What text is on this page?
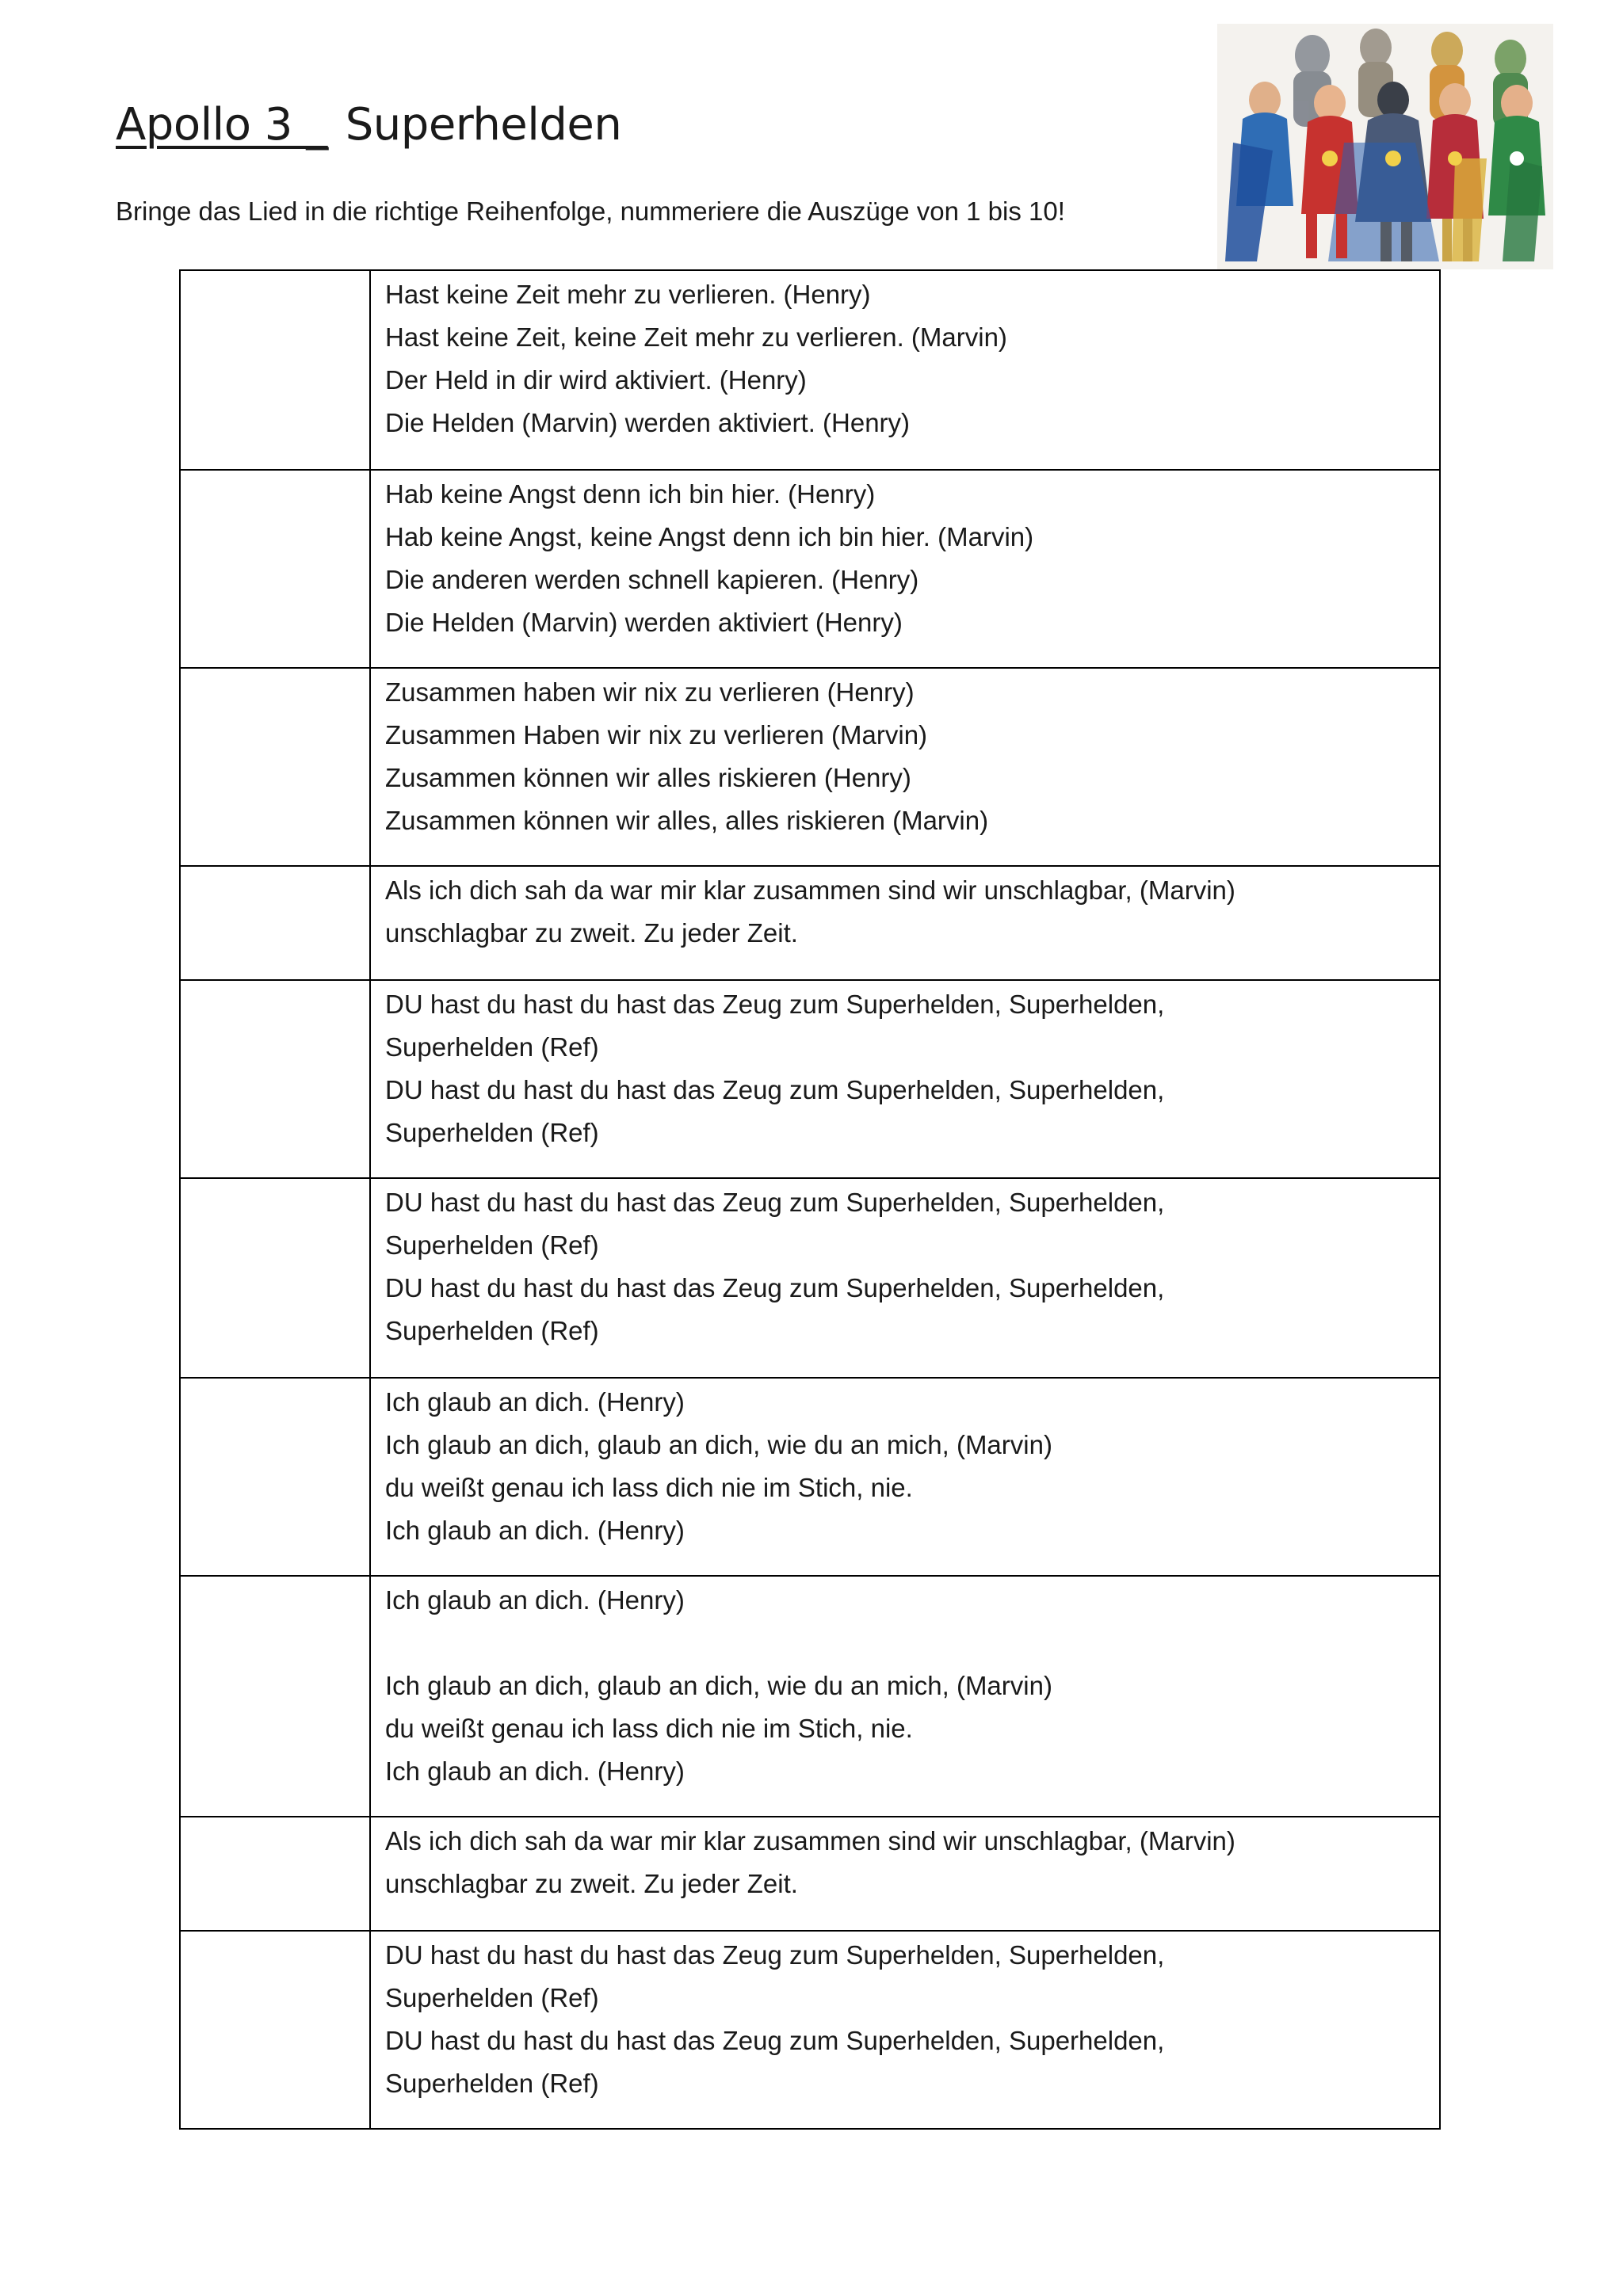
Apollo 3 _ Superhelden

Bringe das Lied in die richtige Reihenfolge, nummeriere die Auszüge von 1 bis 10!

	Hast keine Zeit mehr zu verlieren. (Henry)
Hast keine Zeit, keine Zeit mehr zu verlieren. (Marvin)
Der Held in dir wird aktiviert. (Henry)
Die Helden (Marvin) werden aktiviert. (Henry)

	Hab keine Angst denn ich bin hier. (Henry)
Hab keine Angst, keine Angst denn ich bin hier. (Marvin)
Die anderen werden schnell kapieren. (Henry)
Die Helden (Marvin) werden aktiviert (Henry)

	Zusammen haben wir nix zu verlieren (Henry)
Zusammen Haben wir nix zu verlieren (Marvin)
Zusammen können wir alles riskieren (Henry)
Zusammen können wir alles, alles riskieren (Marvin)

	Als ich dich sah da war mir klar zusammen sind wir unschlagbar, (Marvin)
unschlagbar zu zweit. Zu jeder Zeit.

	DU hast du hast du hast das Zeug zum Superhelden, Superhelden,
Superhelden (Ref)
DU hast du hast du hast das Zeug zum Superhelden, Superhelden,
Superhelden (Ref)

	DU hast du hast du hast das Zeug zum Superhelden, Superhelden,
Superhelden (Ref)
DU hast du hast du hast das Zeug zum Superhelden, Superhelden,
Superhelden (Ref)

	Ich glaub an dich. (Henry)
Ich glaub an dich, glaub an dich, wie du an mich, (Marvin)
du weißt genau ich lass dich nie im Stich, nie.
Ich glaub an dich. (Henry)

	Ich glaub an dich. (Henry)
Ich glaub an dich, glaub an dich, wie du an mich, (Marvin)
du weißt genau ich lass dich nie im Stich, nie.
Ich glaub an dich. (Henry)

	Als ich dich sah da war mir klar zusammen sind wir unschlagbar, (Marvin)
unschlagbar zu zweit. Zu jeder Zeit.

	DU hast du hast du hast das Zeug zum Superhelden, Superhelden,
Superhelden (Ref)
DU hast du hast du hast das Zeug zum Superhelden, Superhelden,
Superhelden (Ref)
